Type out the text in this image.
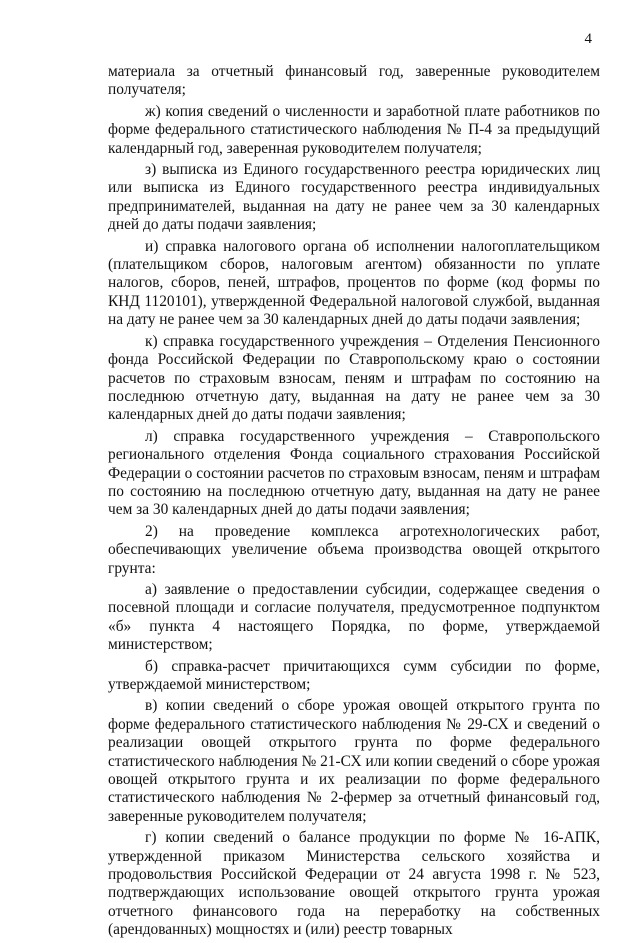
4

материала за отчетный финансовый год, заверенные руководителем получателя;

ж) копия сведений о численности и заработной плате работников по форме федерального статистического наблюдения № П-4 за предыдущий календарный год, заверенная руководителем получателя;

з) выписка из Единого государственного реестра юридических лиц или выписка из Единого государственного реестра индивидуальных предпринимателей, выданная на дату не ранее чем за 30 календарных дней до даты подачи заявления;

и) справка налогового органа об исполнении налогоплательщиком (плательщиком сборов, налоговым агентом) обязанности по уплате налогов, сборов, пеней, штрафов, процентов по форме (код формы по КНД 1120101), утвержденной Федеральной налоговой службой, выданная на дату не ранее чем за 30 календарных дней до даты подачи заявления;

к) справка государственного учреждения – Отделения Пенсионного фонда Российской Федерации по Ставропольскому краю о состоянии расчетов по страховым взносам, пеням и штрафам по состоянию на последнюю отчетную дату, выданная на дату не ранее чем за 30 календарных дней до даты подачи заявления;

л) справка государственного учреждения – Ставропольского регионального отделения Фонда социального страхования Российской Федерации о состоянии расчетов по страховым взносам, пеням и штрафам по состоянию на последнюю отчетную дату, выданная на дату не ранее чем за 30 календарных дней до даты подачи заявления;

2) на проведение комплекса агротехнологических работ, обеспечивающих увеличение объема производства овощей открытого грунта:

а) заявление о предоставлении субсидии, содержащее сведения о посевной площади и согласие получателя, предусмотренное подпунктом «б» пункта 4 настоящего Порядка, по форме, утверждаемой министерством;

б) справка-расчет причитающихся сумм субсидии по форме, утверждаемой министерством;

в) копии сведений о сборе урожая овощей открытого грунта по форме федерального статистического наблюдения № 29-СХ и сведений о реализации овощей открытого грунта по форме федерального статистического наблюдения № 21-СХ или копии сведений о сборе урожая овощей открытого грунта и их реализации по форме федерального статистического наблюдения № 2-фермер за отчетный финансовый год, заверенные руководителем получателя;

г) копии сведений о балансе продукции по форме № 16-АПК, утвержденной приказом Министерства сельского хозяйства и продовольствия Российской Федерации от 24 августа 1998 г. № 523, подтверждающих использование овощей открытого грунта урожая отчетного финансового года на переработку на собственных (арендованных) мощностях и (или) реестр товарных
